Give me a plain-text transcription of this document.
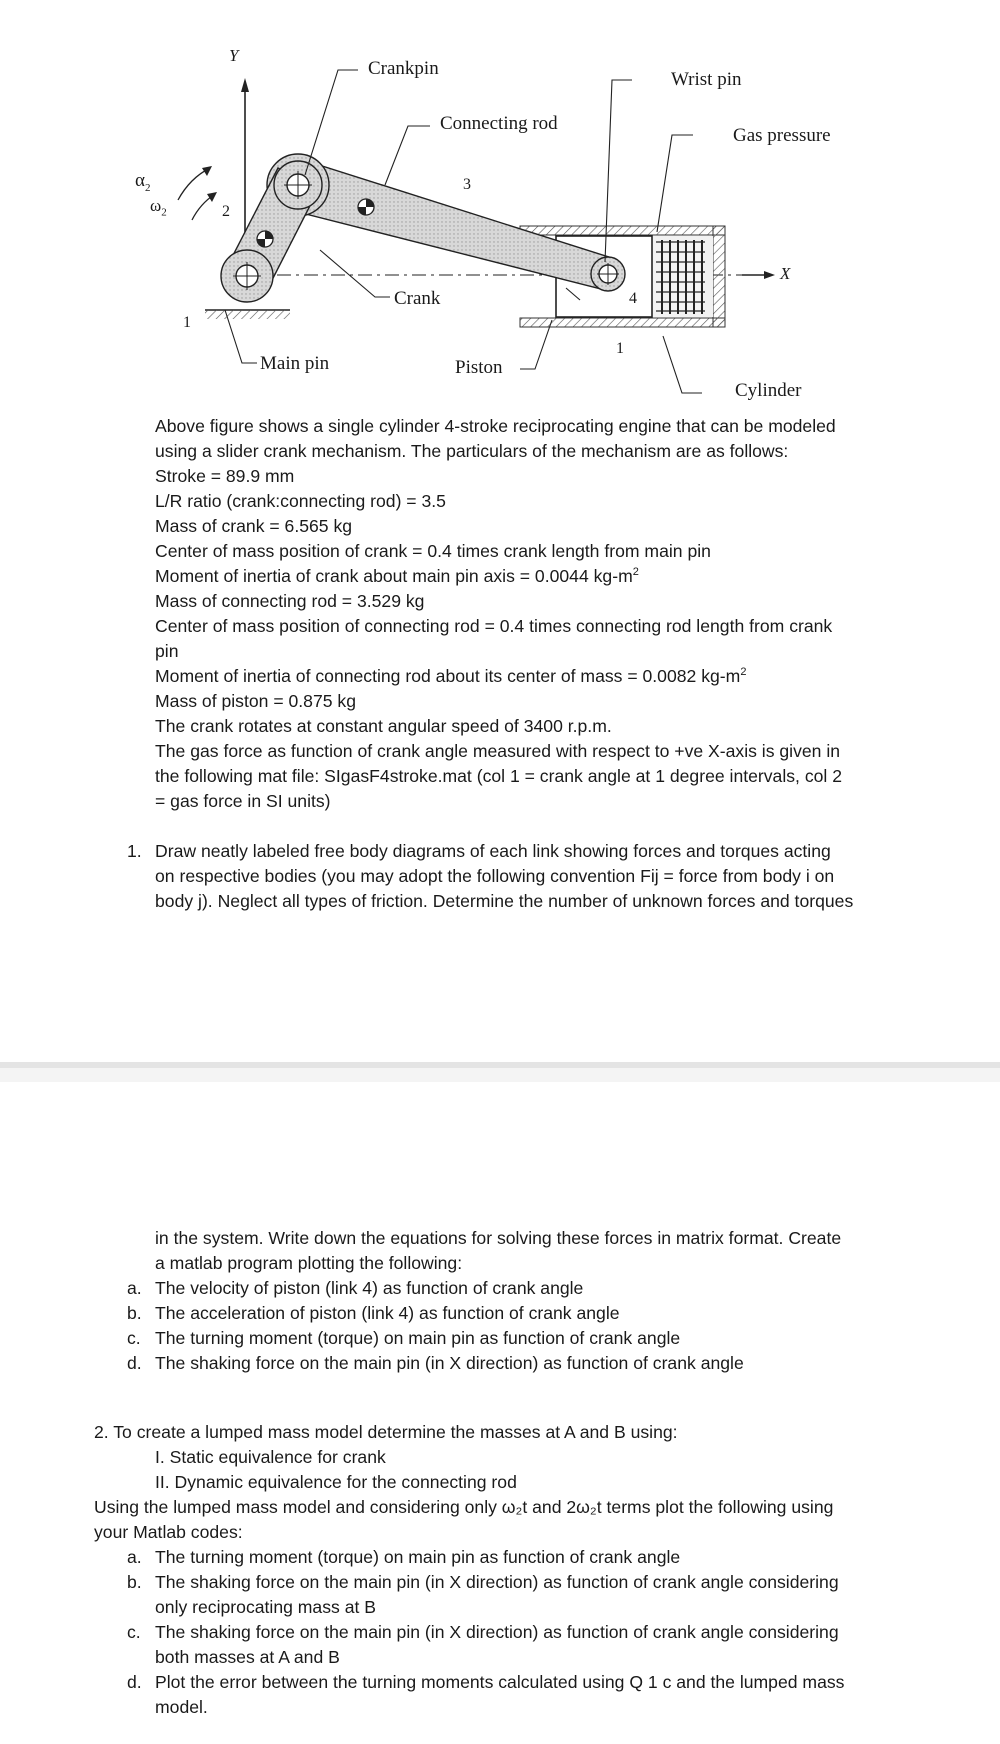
Y
X
Crankpin
Connecting rod
Wrist pin
Gas pressure
Crank
Main pin	Piston
Cylinder
$\alpha_2$
$\omega_2$	2
3
4
1
1
Above figure shows a single cylinder 4-stroke reciprocating engine that can be modeled
using a slider crank mechanism. The particulars of the mechanism are as follows:
Stroke = 89.9 mm
L/R ratio (crank:connecting rod) = 3.5
Mass of crank = 6.565 kg
Center of mass position of crank = 0.4 times crank length from main pin
Moment of inertia of crank about main pin axis = 0.0044 $kg-m^2$
Mass of connecting rod = 3.529 kg
Center of mass position of connecting rod = 0.4 times connecting rod length from crank
pin
Moment of inertia of connecting rod about its center of mass = 0.0082 $kg-m^2$
Mass of piston = 0.875 kg
The crank rotates at constant angular speed of 3400 r.p.m.
The gas force as function of crank angle measured with respect to +ve X-axis is given in
the following mat file: SIgasF4stroke.mat (col 1 = crank angle at 1 degree intervals, col 2
= gas force in SI units)
1. Draw neatly labeled free body diagrams of each link showing forces and torques acting
on respective bodies (you may adopt the following convention Fij = force from body i on
body j). Neglect all types of friction. Determine the number of unknown forces and torques
in the system. Write down the equations for solving these forces in matrix format. Create
a matlab program plotting the following:
a. The velocity of piston (link 4) as function of crank angle
b. The acceleration of piston (link 4) as function of crank angle
c. The turning moment (torque) on main pin as function of crank angle
d. The shaking force on the main pin (in X direction) as function of crank angle
2. To create a lumped mass model determine the masses at A and B using:
I. Static equivalence for crank
II. Dynamic equivalence for the connecting rod
Using the lumped mass model and considering only ω₂t and 2ω₂t terms plot the following using
your Matlab codes:
a. The turning moment (torque) on main pin as function of crank angle
b. The shaking force on the main pin (in X direction) as function of crank angle considering
only reciprocating mass at B
c. The shaking force on the main pin (in X direction) as function of crank angle considering
both masses at A and B
d. Plot the error between the turning moments calculated using Q 1 c and the lumped mass
model.
